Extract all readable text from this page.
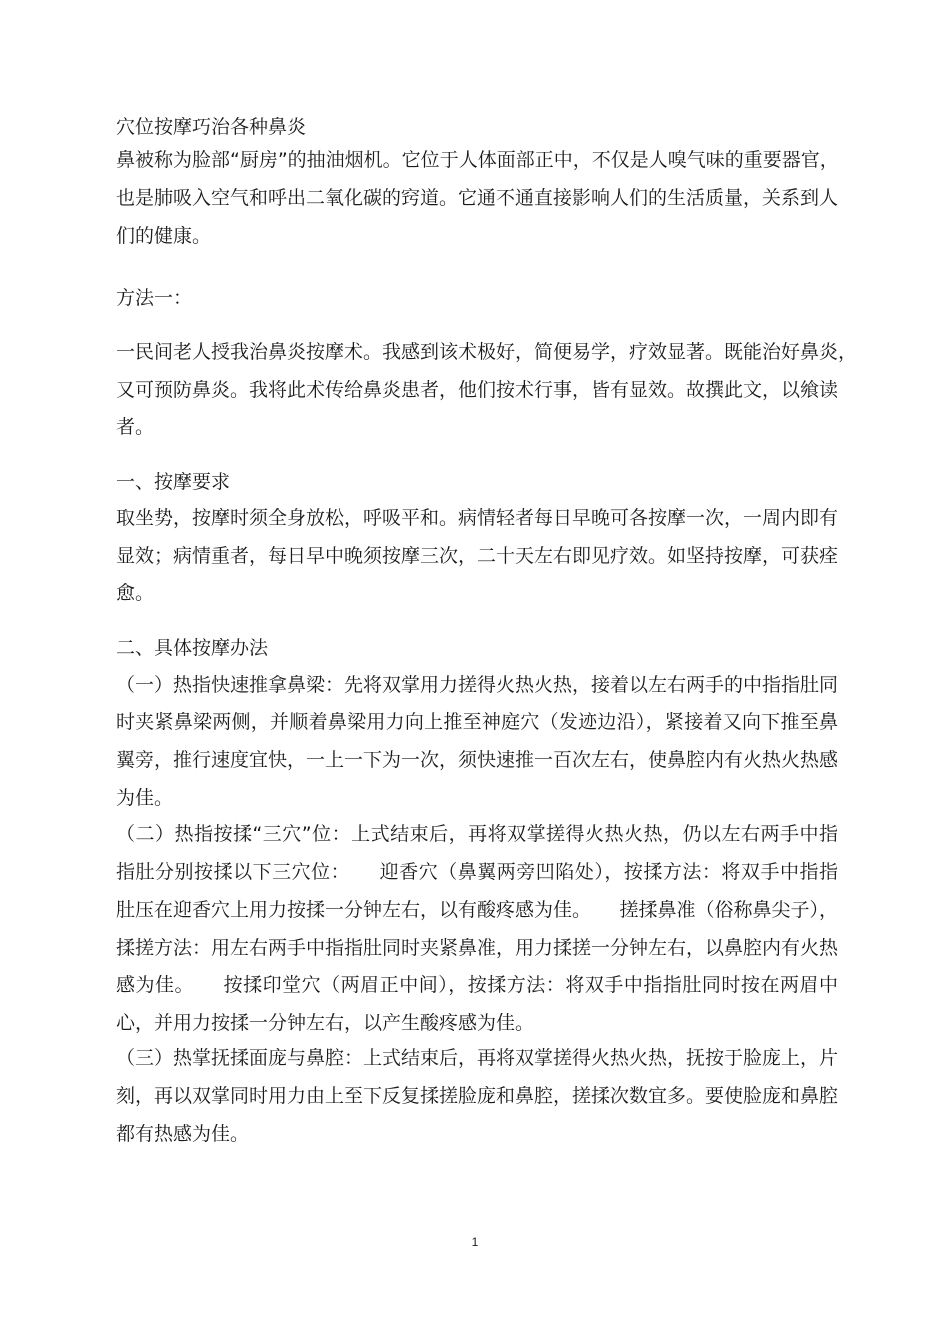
穴位按摩巧治各种鼻炎
鼻被称为脸部“厨房”的抽油烟机。它位于人体面部正中，不仅是人嗅气味的重要器官，
也是肺吸入空气和呼出二氧化碳的窍道。它通不通直接影响人们的生活质量，关系到人
们的健康。
方法一：
一民间老人授我治鼻炎按摩术。我感到该术极好，简便易学，疗效显著。既能治好鼻炎，
又可预防鼻炎。我将此术传给鼻炎患者，他们按术行事，皆有显效。故撰此文，以飨读
者。
一、按摩要求
取坐势，按摩时须全身放松，呼吸平和。病情轻者每日早晚可各按摩一次，一周内即有
显效；病情重者，每日早中晚须按摩三次，二十天左右即见疗效。如坚持按摩，可获痊
愈。
二、具体按摩办法
（一）热指快速推拿鼻梁：先将双掌用力搓得火热火热，接着以左右两手的中指指肚同
时夹紧鼻梁两侧，并顺着鼻梁用力向上推至神庭穴（发迹边沿），紧接着又向下推至鼻
翼旁，推行速度宜快，一上一下为一次，须快速推一百次左右，使鼻腔内有火热火热感
为佳。
（二）热指按揉“三穴”位：上式结束后，再将双掌搓得火热火热，仍以左右两手中指
指肚分别按揉以下三穴位：　　迎香穴（鼻翼两旁凹陷处），按揉方法：将双手中指指
肚压在迎香穴上用力按揉一分钟左右，以有酸疼感为佳。　　搓揉鼻准（俗称鼻尖子），
揉搓方法：用左右两手中指指肚同时夹紧鼻准，用力揉搓一分钟左右，以鼻腔内有火热
感为佳。　　按揉印堂穴（两眉正中间），按揉方法：将双手中指指肚同时按在两眉中
心，并用力按揉一分钟左右，以产生酸疼感为佳。
（三）热掌抚揉面庞与鼻腔：上式结束后，再将双掌搓得火热火热，抚按于脸庞上，片
刻，再以双掌同时用力由上至下反复揉搓脸庞和鼻腔，搓揉次数宜多。要使脸庞和鼻腔
都有热感为佳。
1
